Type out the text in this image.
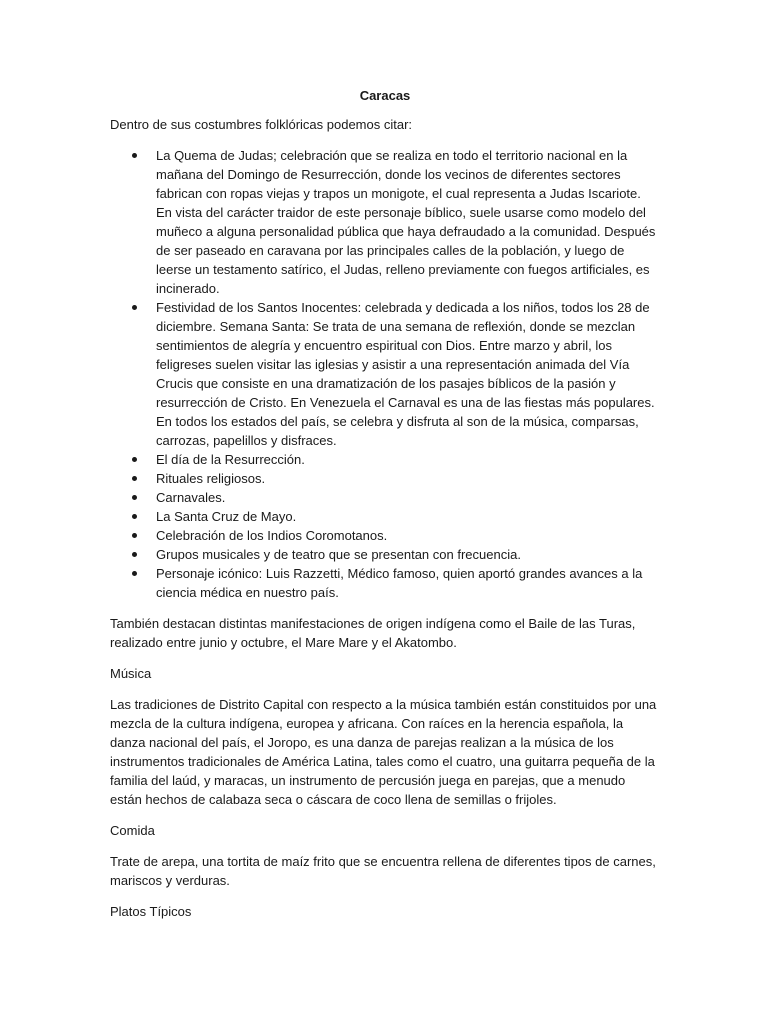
Caracas

Dentro de sus costumbres folklóricas podemos citar:

La Quema de Judas; celebración que se realiza en todo el territorio nacional en la mañana del Domingo de Resurrección, donde los vecinos de diferentes sectores fabrican con ropas viejas y trapos un monigote, el cual representa a Judas Iscariote. En vista del carácter traidor de este personaje bíblico, suele usarse como modelo del muñeco a alguna personalidad pública que haya defraudado a la comunidad. Después de ser paseado en caravana por las principales calles de la población, y luego de leerse un testamento satírico, el Judas, relleno previamente con fuegos artificiales, es incinerado.
Festividad de los Santos Inocentes: celebrada y dedicada a los niños, todos los 28 de diciembre. Semana Santa: Se trata de una semana de reflexión, donde se mezclan sentimientos de alegría y encuentro espiritual con Dios. Entre marzo y abril, los feligreses suelen visitar las iglesias y asistir a una representación animada del Vía Crucis que consiste en una dramatización de los pasajes bíblicos de la pasión y resurrección de Cristo. En Venezuela el Carnaval es una de las fiestas más populares. En todos los estados del país, se celebra y disfruta al son de la música, comparsas, carrozas, papelillos y disfraces.
El día de la Resurrección.
Rituales religiosos.
Carnavales.
La Santa Cruz de Mayo.
Celebración de los Indios Coromotanos.
Grupos musicales y de teatro que se presentan con frecuencia.
Personaje icónico: Luis Razzetti, Médico famoso, quien aportó grandes avances a la ciencia médica en nuestro país.

También destacan distintas manifestaciones de origen indígena como el Baile de las Turas, realizado entre junio y octubre, el Mare Mare y el Akatombo.

Música

Las tradiciones de Distrito Capital con respecto a la música también están constituidos por una mezcla de la cultura indígena, europea y africana. Con raíces en la herencia española, la danza nacional del país, el Joropo, es una danza de parejas realizan a la música de los instrumentos tradicionales de América Latina, tales como el cuatro, una guitarra pequeña de la familia del laúd, y maracas, un instrumento de percusión juega en parejas, que a menudo están hechos de calabaza seca o cáscara de coco llena de semillas o frijoles.

Comida

Trate de arepa, una tortita de maíz frito que se encuentra rellena de diferentes tipos de carnes, mariscos y verduras.

Platos Típicos
